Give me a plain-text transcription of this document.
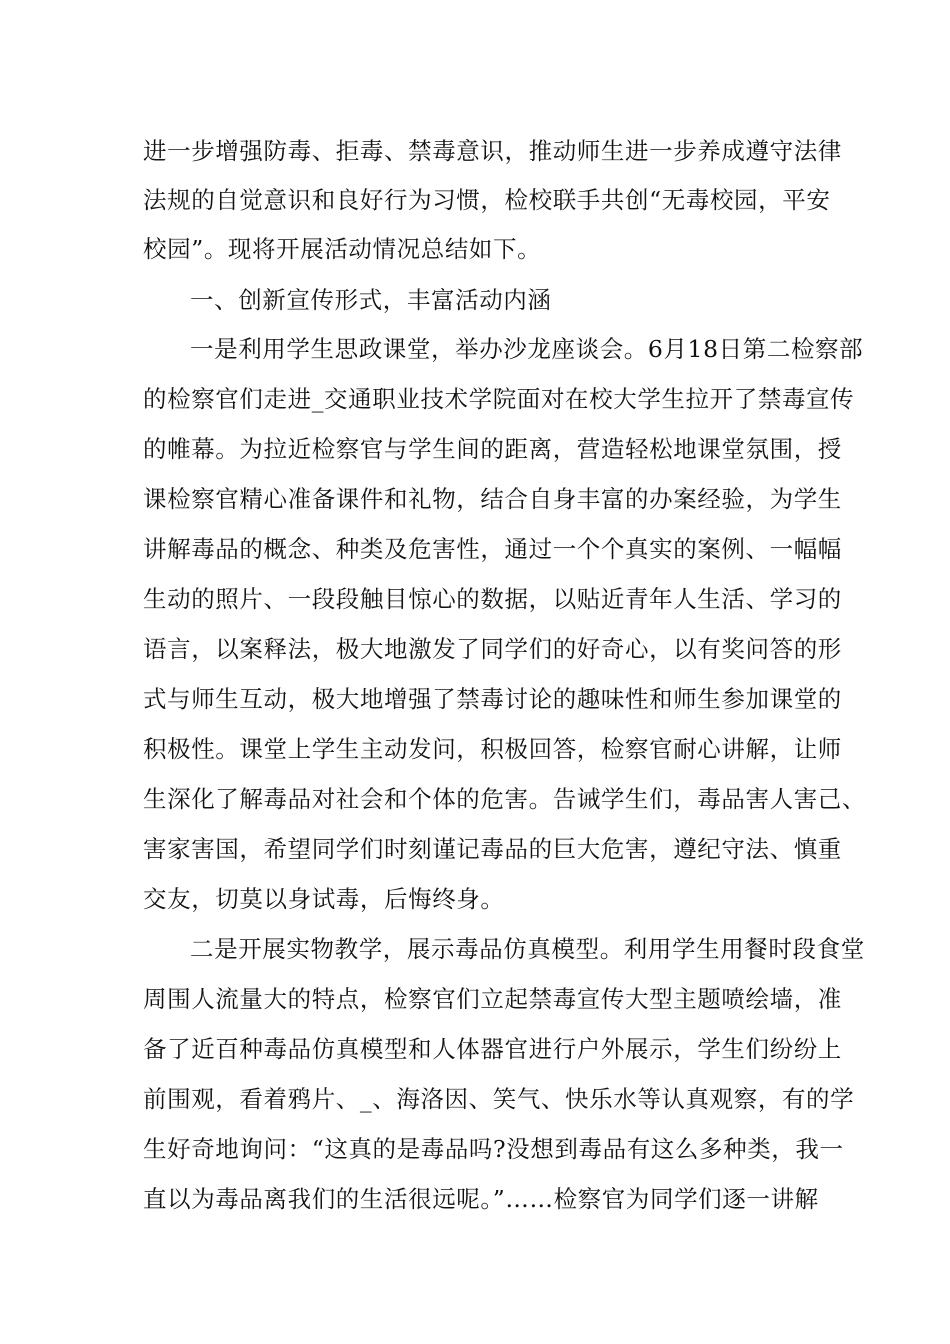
进一步增强防毒、拒毒、禁毒意识，推动师生进一步养成遵守法律
法规的自觉意识和良好行为习惯，检校联手共创“无毒校园，平安
校园”。现将开展活动情况总结如下。
一、创新宣传形式，丰富活动内涵
一是利用学生思政课堂，举办沙龙座谈会。6月18日第二检察部
的检察官们走进_交通职业技术学院面对在校大学生拉开了禁毒宣传
的帷幕。为拉近检察官与学生间的距离，营造轻松地课堂氛围，授
课检察官精心准备课件和礼物，结合自身丰富的办案经验，为学生
讲解毒品的概念、种类及危害性，通过一个个真实的案例、一幅幅
生动的照片、一段段触目惊心的数据，以贴近青年人生活、学习的
语言，以案释法，极大地激发了同学们的好奇心，以有奖问答的形
式与师生互动，极大地增强了禁毒讨论的趣味性和师生参加课堂的
积极性。课堂上学生主动发问，积极回答，检察官耐心讲解，让师
生深化了解毒品对社会和个体的危害。告诫学生们，毒品害人害己、
害家害国，希望同学们时刻谨记毒品的巨大危害，遵纪守法、慎重
交友，切莫以身试毒，后悔终身。
二是开展实物教学，展示毒品仿真模型。利用学生用餐时段食堂
周围人流量大的特点，检察官们立起禁毒宣传大型主题喷绘墙，准
备了近百种毒品仿真模型和人体器官进行户外展示，学生们纷纷上
前围观，看着鸦片、_、海洛因、笑气、快乐水等认真观察，有的学
生好奇地询问：“这真的是毒品吗?没想到毒品有这么多种类，我一
直以为毒品离我们的生活很远呢。”……检察官为同学们逐一讲解
